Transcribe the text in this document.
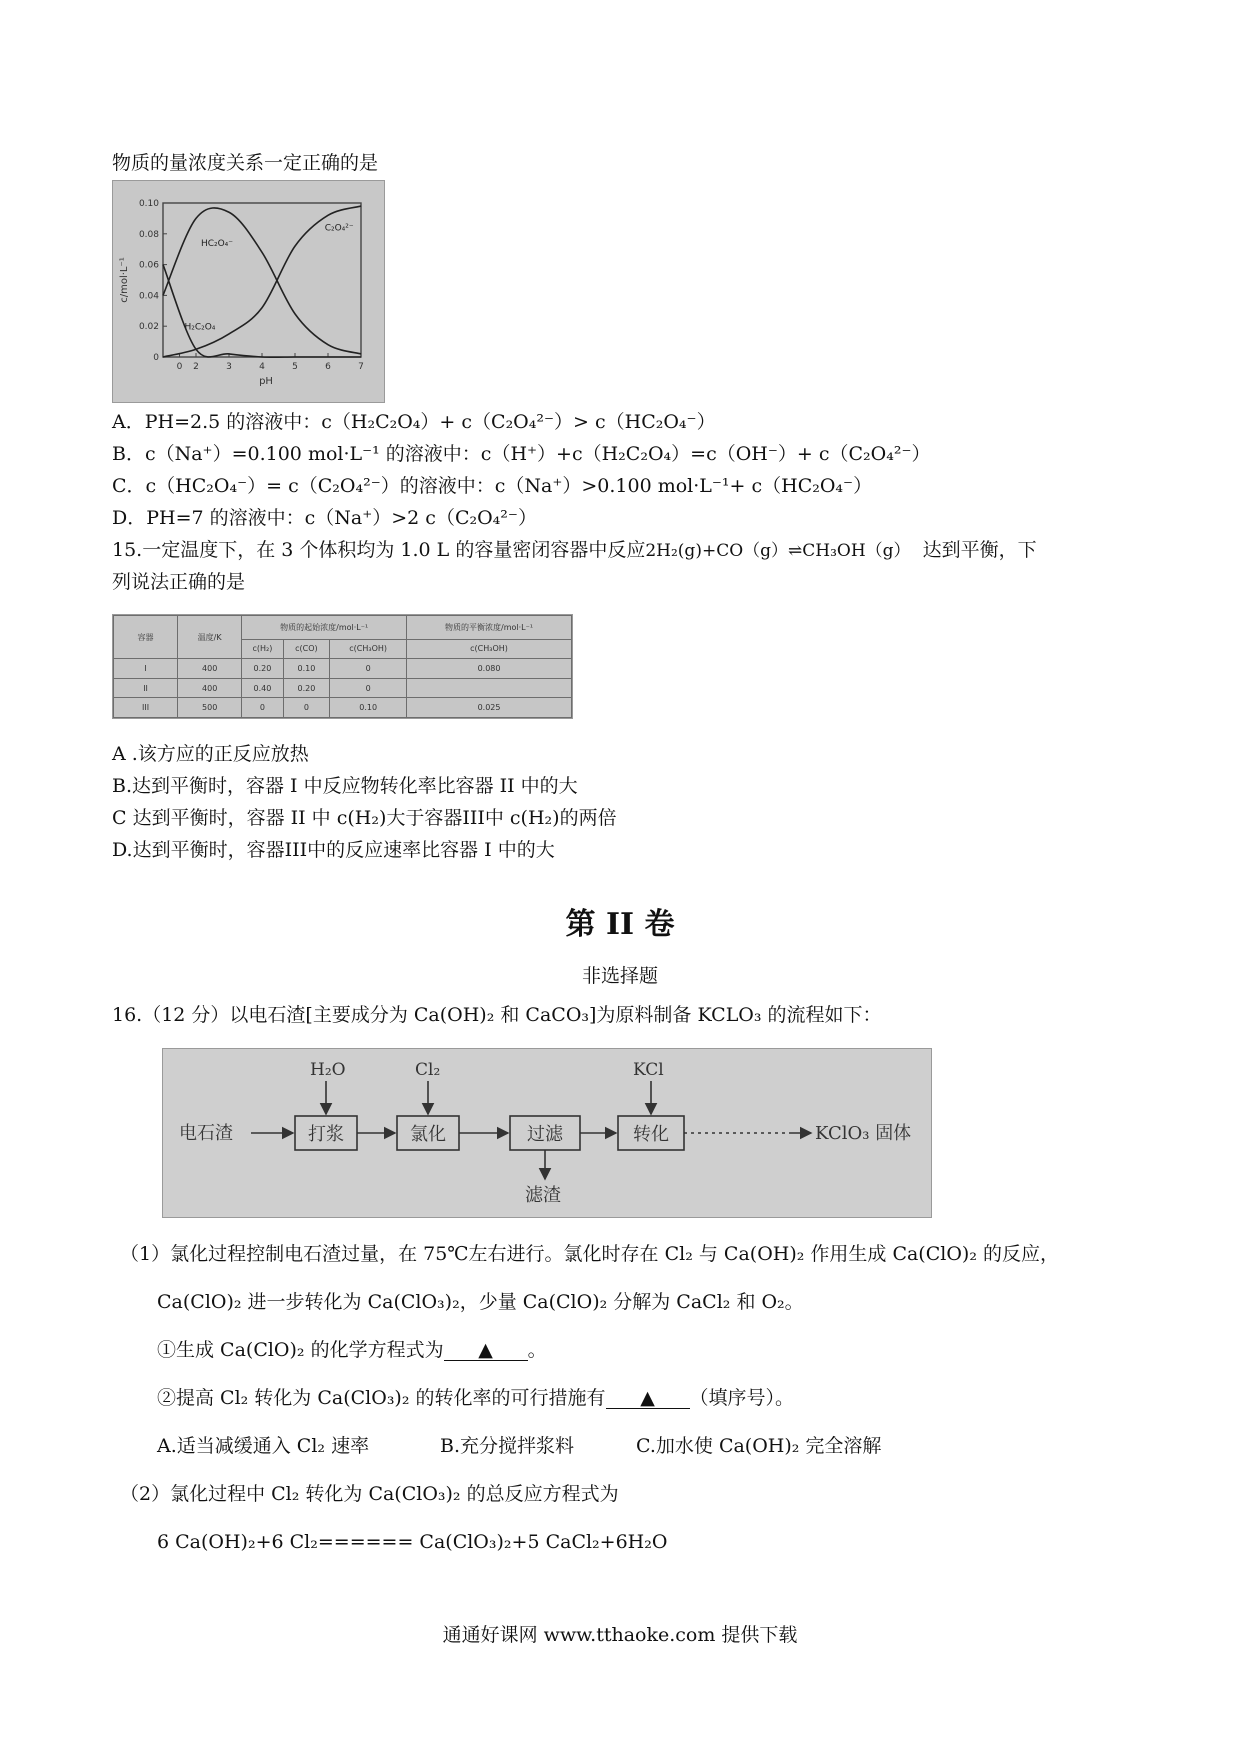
物质的量浓度关系一定正确的是
0
0.02
0.04
0.06
0.08
0.10
0 2	3	4	5	6	7
pH
c/mol·L⁻¹
HC₂O₄⁻
C₂O₄²⁻
H₂C₂O₄
A．PH=2.5 的溶液中：c（H₂C₂O₄）+ c（C₂O₄²⁻）> c（HC₂O₄⁻）
B．c（Na⁺）=0.100 mol·L⁻¹ 的溶液中：c（H⁺）+c（H₂C₂O₄）=c（OH⁻）+ c（C₂O₄²⁻）
C．c（HC₂O₄⁻）= c（C₂O₄²⁻）的溶液中：c（Na⁺）>0.100 mol·L⁻¹+ c（HC₂O₄⁻）
D．PH=7 的溶液中：c（Na⁺）>2 c（C₂O₄²⁻）
15.一定温度下，在 3 个体积均为 1.0 L 的容量密闭容器中反应2H₂(g)+CO（g）⇌CH₃OH（g） 达到平衡，下
列说法正确的是
容器	温度/K	物质的起始浓度/mol·L⁻¹			物质的平衡浓度/mol·L⁻¹
		c(H₂)	c(CO)	c(CH₃OH)	c(CH₃OH)
I	400	0.20	0.10	0	0.080
II	400	0.40	0.20	0	
III	500	0	0	0.10	0.025
A .该方应的正反应放热
B.达到平衡时，容器 I 中反应物转化率比容器 II 中的大
C 达到平衡时，容器 II 中 c(H₂)大于容器III中 c(H₂)的两倍
D.达到平衡时，容器III中的反应速率比容器 I 中的大
第 II 卷
非选择题
16.（12 分）以电石渣[主要成分为 Ca(OH)₂ 和 CaCO₃]为原料制备 KCLO₃ 的流程如下：
电石渣
H₂O	Cl₂	KCl
打浆	氯化	过滤	转化
滤渣
KClO₃ 固体
（1）氯化过程控制电石渣过量，在 75℃左右进行。氯化时存在 Cl₂ 与 Ca(OH)₂ 作用生成 Ca(ClO)₂ 的反应，
Ca(ClO)₂ 进一步转化为 Ca(ClO₃)₂，少量 Ca(ClO)₂ 分解为 CaCl₂ 和 O₂。
①生成 Ca(ClO)₂ 的化学方程式为 ▲ 。
②提高 Cl₂ 转化为 Ca(ClO₃)₂ 的转化率的可行措施有 ▲ （填序号）。
A.适当减缓通入 Cl₂ 速率	B.充分搅拌浆料	C.加水使 Ca(OH)₂ 完全溶解
（2）氯化过程中 Cl₂ 转化为 Ca(ClO₃)₂ 的总反应方程式为
6 Ca(OH)₂+6 Cl₂====== Ca(ClO₃)₂+5 CaCl₂+6H₂O
通通好课网 www.tthaoke.com 提供下载
